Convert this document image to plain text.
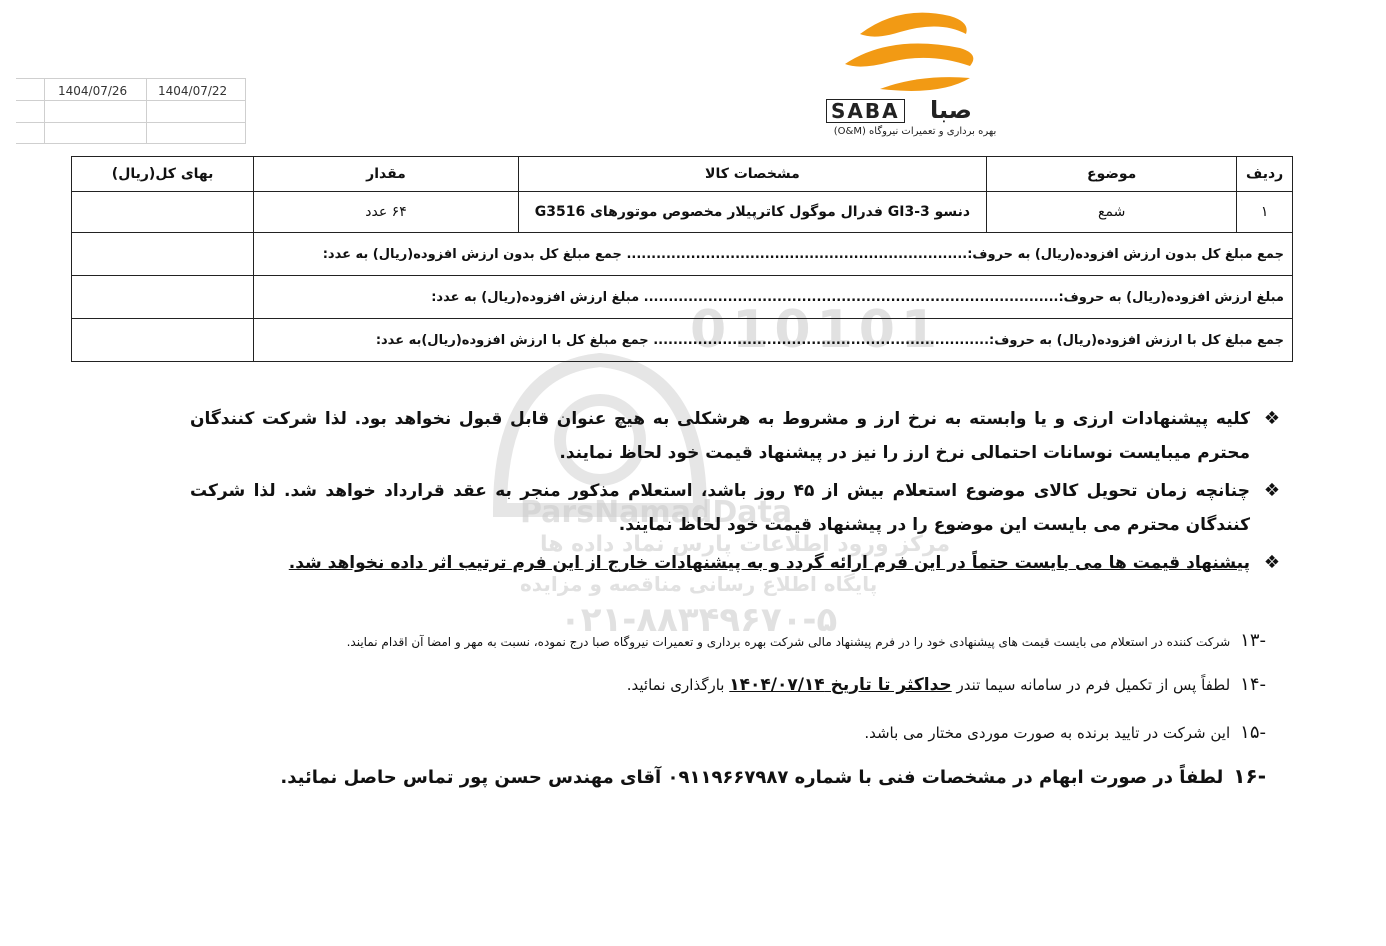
1404/07/26	1404/07/22
SABA صبا
بهره برداری و تعمیرات نیروگاه (O&M)
010101
ParsNamadData
مرکز ورود اطلاعات پارس نماد داده ها
پایگاه اطلاع رسانی مناقصه و مزایده
۰۲۱-۸۸۳۴۹۶۷۰-۵
ردیف	موضوع	مشخصات کالا	مقدار	بهای کل(ریال)
۱	شمع	دنسو GI3-3 فدرال موگول کاترپیلار مخصوص موتورهای G3516	۶۴ عدد	
جمع مبلغ کل بدون ارزش افزوده(ریال) به حروف:..................................................................... جمع مبلغ کل بدون ارزش افزوده(ریال) به عدد:				
مبلغ ارزش افزوده(ریال) به حروف:.................................................................................... مبلغ ارزش افزوده(ریال) به عدد:				
جمع مبلغ کل با ارزش افزوده(ریال) به حروف:.................................................................... جمع مبلغ کل با ارزش افزوده(ریال)به عدد:				
❖
کلیه پیشنهادات ارزی و یا وابسته به نرخ ارز و مشروط به هرشکلی به هیچ عنوان قابل قبول نخواهد بود. لذا شرکت کنندگان محترم میبایست نوسانات احتمالی نرخ ارز را نیز در پیشنهاد قیمت خود لحاظ نمایند.
❖
چنانچه زمان تحویل کالای موضوع استعلام بیش از ۴۵ روز باشد، استعلام مذکور منجر به عقد قرارداد خواهد شد. لذا شرکت کنندگان محترم می بایست این موضوع را در پیشنهاد قیمت خود لحاظ نمایند.
❖
پیشنهاد قیمت ها می بایست حتماً در این فرم ارائه گردد و به پیشنهادات خارج از این فرم ترتیب اثر داده نخواهد شد.
-۱۳شرکت کننده در استعلام می بایست قیمت های پیشنهادی خود را در فرم پیشنهاد مالی شرکت بهره برداری و تعمیرات نیروگاه صبا درج نموده، نسبت به مهر و امضا آن اقدام نمایند.
-۱۴لطفاً پس از تکمیل فرم در سامانه سیما تندر حداکثر تا تاریخ ۱۴۰۴/۰۷/۱۴ بارگذاری نمائید.
-۱۵این شرکت در تایید برنده به صورت موردی مختار می باشد.
-۱۶لطفاً در صورت ابهام در مشخصات فنی با شماره ۰۹۱۱۹۶۶۷۹۸۷ آقای مهندس حسن پور تماس حاصل نمائید.
